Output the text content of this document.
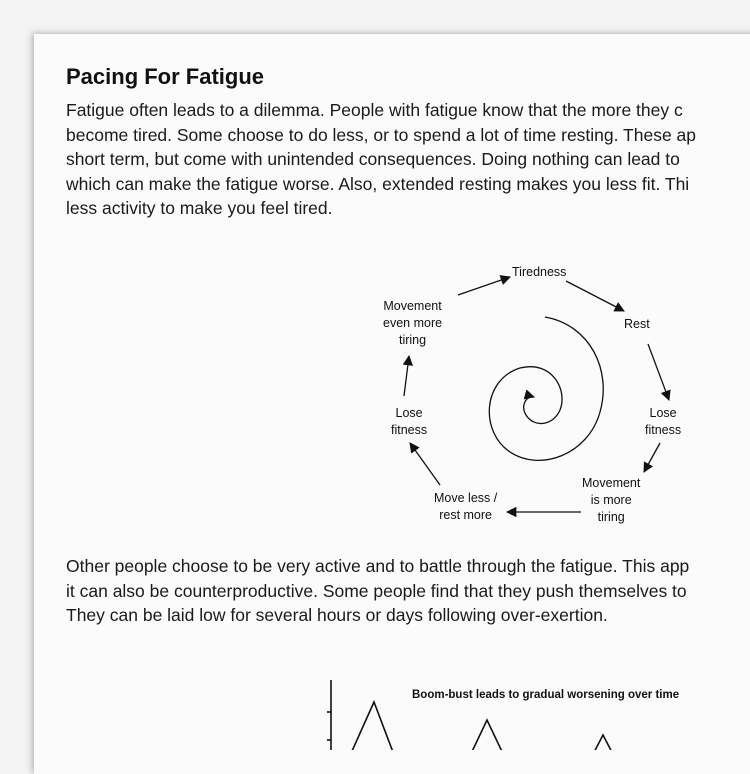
Pacing For Fatigue

Fatigue often leads to a dilemma. People with fatigue know that the more they c
become tired. Some choose to do less, or to spend a lot of time resting. These ap
short term, but come with unintended consequences. Doing nothing can lead to
which can make the fatigue worse. Also, extended resting makes you less fit. Thi
less activity to make you feel tired.

Tiredness
Rest
Lose
fitness
Movement
is more
tiring
Move less /
rest more
Lose
fitness
Movement
even more
tiring

Other people choose to be very active and to battle through the fatigue. This app
it can also be counterproductive. Some people find that they push themselves to
They can be laid low for several hours or days following over-exertion.

Boom-bust leads to gradual worsening over time
